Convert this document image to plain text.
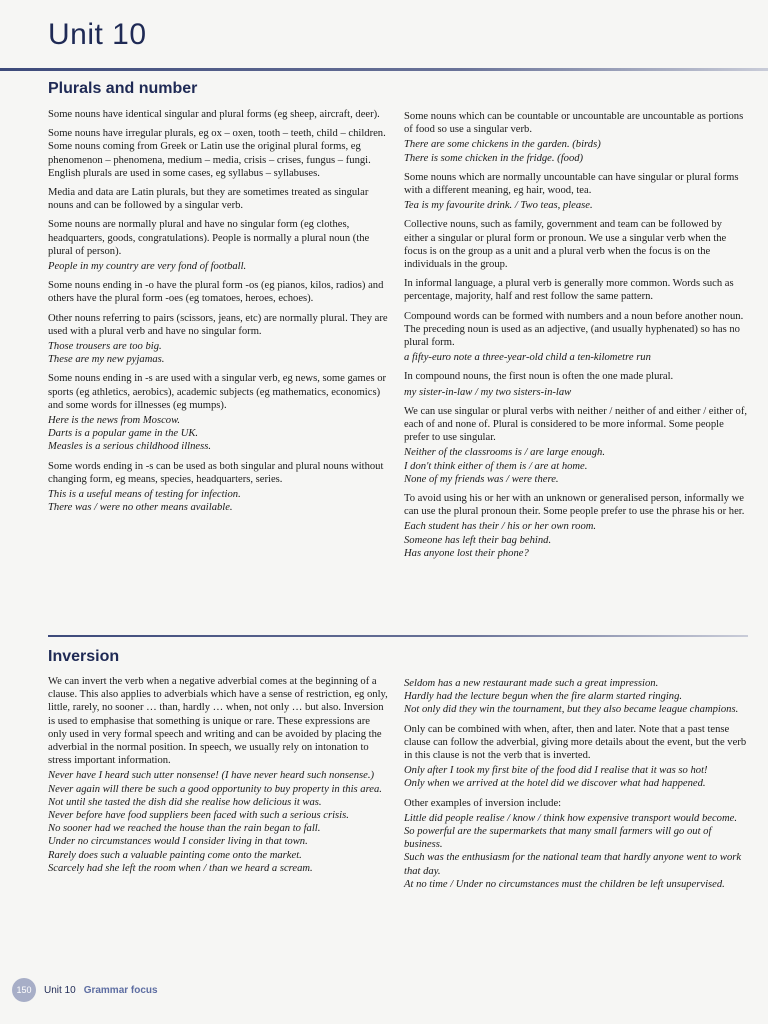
Unit 10
Plurals and number

Some nouns have identical singular and plural forms (eg sheep, aircraft, deer).

Some nouns have irregular plurals, eg ox – oxen, tooth – teeth, child – children. Some nouns coming from Greek or Latin use the original plural forms, eg phenomenon – phenomena, medium – media, crisis – crises, fungus – fungi. English plurals are used in some cases, eg syllabus – syllabuses.

Media and data are Latin plurals, but they are sometimes treated as singular nouns and can be followed by a singular verb.

Some nouns are normally plural and have no singular form (eg clothes, headquarters, goods, congratulations). People is normally a plural noun (the plural of person).

People in my country are very fond of football.

Some nouns ending in -o have the plural form -os (eg pianos, kilos, radios) and others have the plural form -oes (eg tomatoes, heroes, echoes).

Other nouns referring to pairs (scissors, jeans, etc) are normally plural. They are used with a plural verb and have no singular form.

Those trousers are too big.

These are my new pyjamas.

Some nouns ending in -s are used with a singular verb, eg news, some games or sports (eg athletics, aerobics), academic subjects (eg mathematics, economics) and some words for illnesses (eg mumps).

Here is the news from Moscow.

Darts is a popular game in the UK.

Measles is a serious childhood illness.

Some words ending in -s can be used as both singular and plural nouns without changing form, eg means, species, headquarters, series.

This is a useful means of testing for infection.

There was / were no other means available.

Some nouns which can be countable or uncountable are uncountable as portions of food so use a singular verb.

There are some chickens in the garden. (birds)

There is some chicken in the fridge. (food)

Some nouns which are normally uncountable can have singular or plural forms with a different meaning, eg hair, wood, tea.

Tea is my favourite drink. / Two teas, please.

Collective nouns, such as family, government and team can be followed by either a singular or plural form or pronoun. We use a singular verb when the focus is on the group as a unit and a plural verb when the focus is on the individuals in the group.

In informal language, a plural verb is generally more common. Words such as percentage, majority, half and rest follow the same pattern.

Compound words can be formed with numbers and a noun before another noun. The preceding noun is used as an adjective, (and usually hyphenated) so has no plural form.

a fifty-euro note a three-year-old child a ten-kilometre run

In compound nouns, the first noun is often the one made plural.

my sister-in-law / my two sisters-in-law

We can use singular or plural verbs with neither / neither of and either / either of, each of and none of. Plural is considered to be more informal. Some people prefer to use singular.

Neither of the classrooms is / are large enough.

I don't think either of them is / are at home.

None of my friends was / were there.

To avoid using his or her with an unknown or generalised person, informally we can use the plural pronoun their. Some people prefer to use the phrase his or her.

Each student has their / his or her own room.

Someone has left their bag behind.

Has anyone lost their phone?

Inversion

We can invert the verb when a negative adverbial comes at the beginning of a clause. This also applies to adverbials which have a sense of restriction, eg only, little, rarely, no sooner … than, hardly … when, not only … but also. Inversion is used to emphasise that something is unique or rare. These expressions are only used in very formal speech and writing and can be avoided by placing the adverbial in the normal position. In speech, we usually rely on intonation to stress important information.

Never have I heard such utter nonsense! (I have never heard such nonsense.)

Never again will there be such a good opportunity to buy property in this area.

Not until she tasted the dish did she realise how delicious it was.

Never before have food suppliers been faced with such a serious crisis.

No sooner had we reached the house than the rain began to fall.

Under no circumstances would I consider living in that town.

Rarely does such a valuable painting come onto the market.

Scarcely had she left the room when / than we heard a scream.

Seldom has a new restaurant made such a great impression.

Hardly had the lecture begun when the fire alarm started ringing.

Not only did they win the tournament, but they also became league champions.

Only can be combined with when, after, then and later. Note that a past tense clause can follow the adverbial, giving more details about the event, but the verb in this clause is not the verb that is inverted.

Only after I took my first bite of the food did I realise that it was so hot!

Only when we arrived at the hotel did we discover what had happened.

Other examples of inversion include:

Little did people realise / know / think how expensive transport would become.

So powerful are the supermarkets that many small farmers will go out of business.

Such was the enthusiasm for the national team that hardly anyone went to work that day.

At no time / Under no circumstances must the children be left unsupervised.

150	Unit 10 Grammar focus
